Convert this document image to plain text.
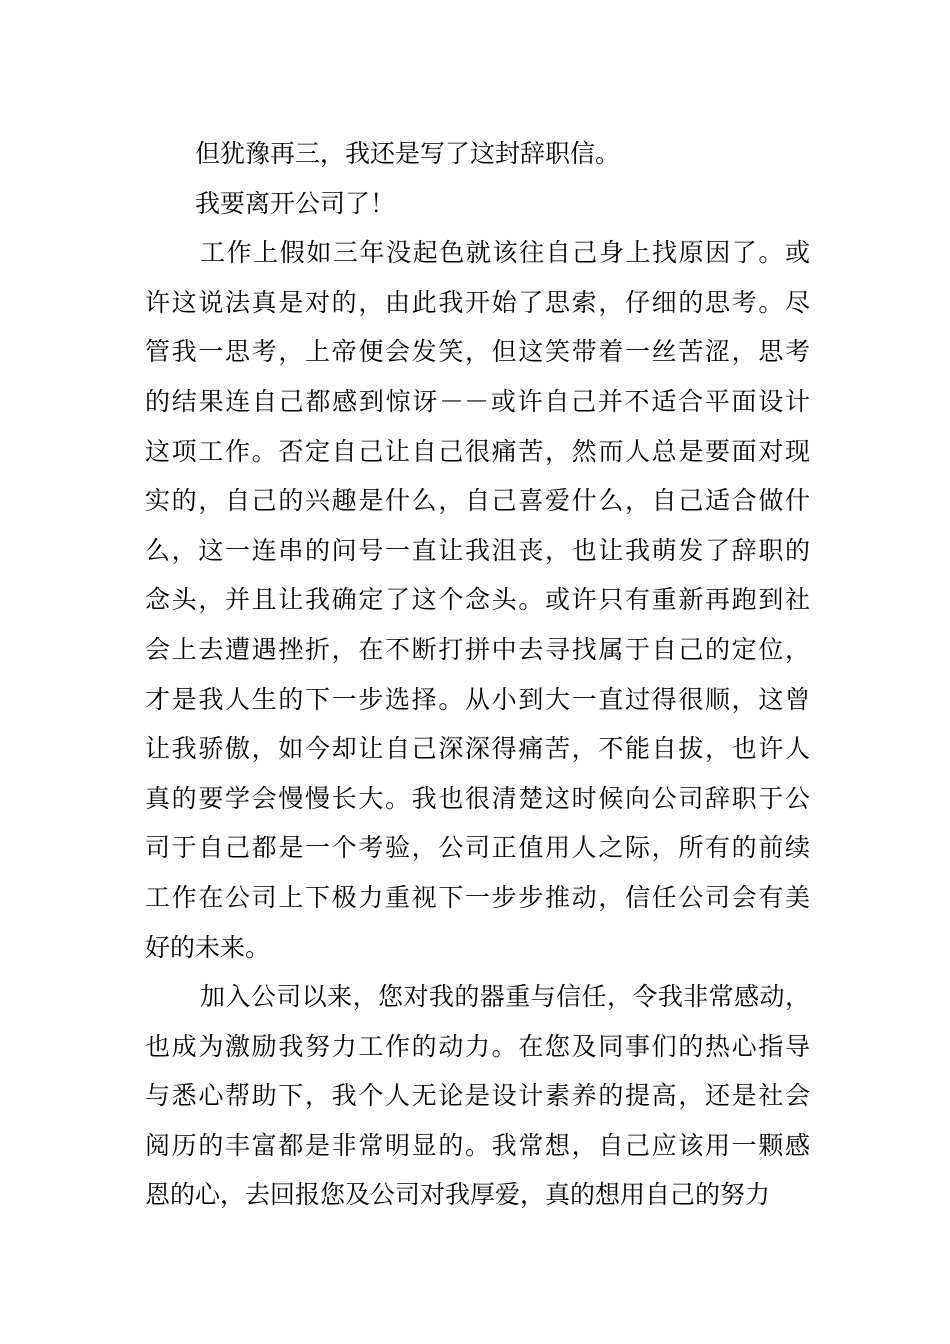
但犹豫再三，我还是写了这封辞职信。
我要离开公司了！
工作上假如三年没起色就该往自己身上找原因了。或
许这说法真是对的，由此我开始了思索，仔细的思考。尽
管我一思考，上帝便会发笑，但这笑带着一丝苦涩，思考
的结果连自己都感到惊讶－－或许自己并不适合平面设计
这项工作。否定自己让自己很痛苦，然而人总是要面对现
实的，自己的兴趣是什么，自己喜爱什么，自己适合做什
么，这一连串的问号一直让我沮丧，也让我萌发了辞职的
念头，并且让我确定了这个念头。或许只有重新再跑到社
会上去遭遇挫折，在不断打拼中去寻找属于自己的定位，
才是我人生的下一步选择。从小到大一直过得很顺，这曾
让我骄傲，如今却让自己深深得痛苦，不能自拔，也许人
真的要学会慢慢长大。我也很清楚这时候向公司辞职于公
司于自己都是一个考验，公司正值用人之际，所有的前续
工作在公司上下极力重视下一步步推动，信任公司会有美
好的未来。
加入公司以来，您对我的器重与信任，令我非常感动，
也成为激励我努力工作的动力。在您及同事们的热心指导
与悉心帮助下，我个人无论是设计素养的提高，还是社会
阅历的丰富都是非常明显的。我常想，自己应该用一颗感
恩的心，去回报您及公司对我厚爱，真的想用自己的努力
